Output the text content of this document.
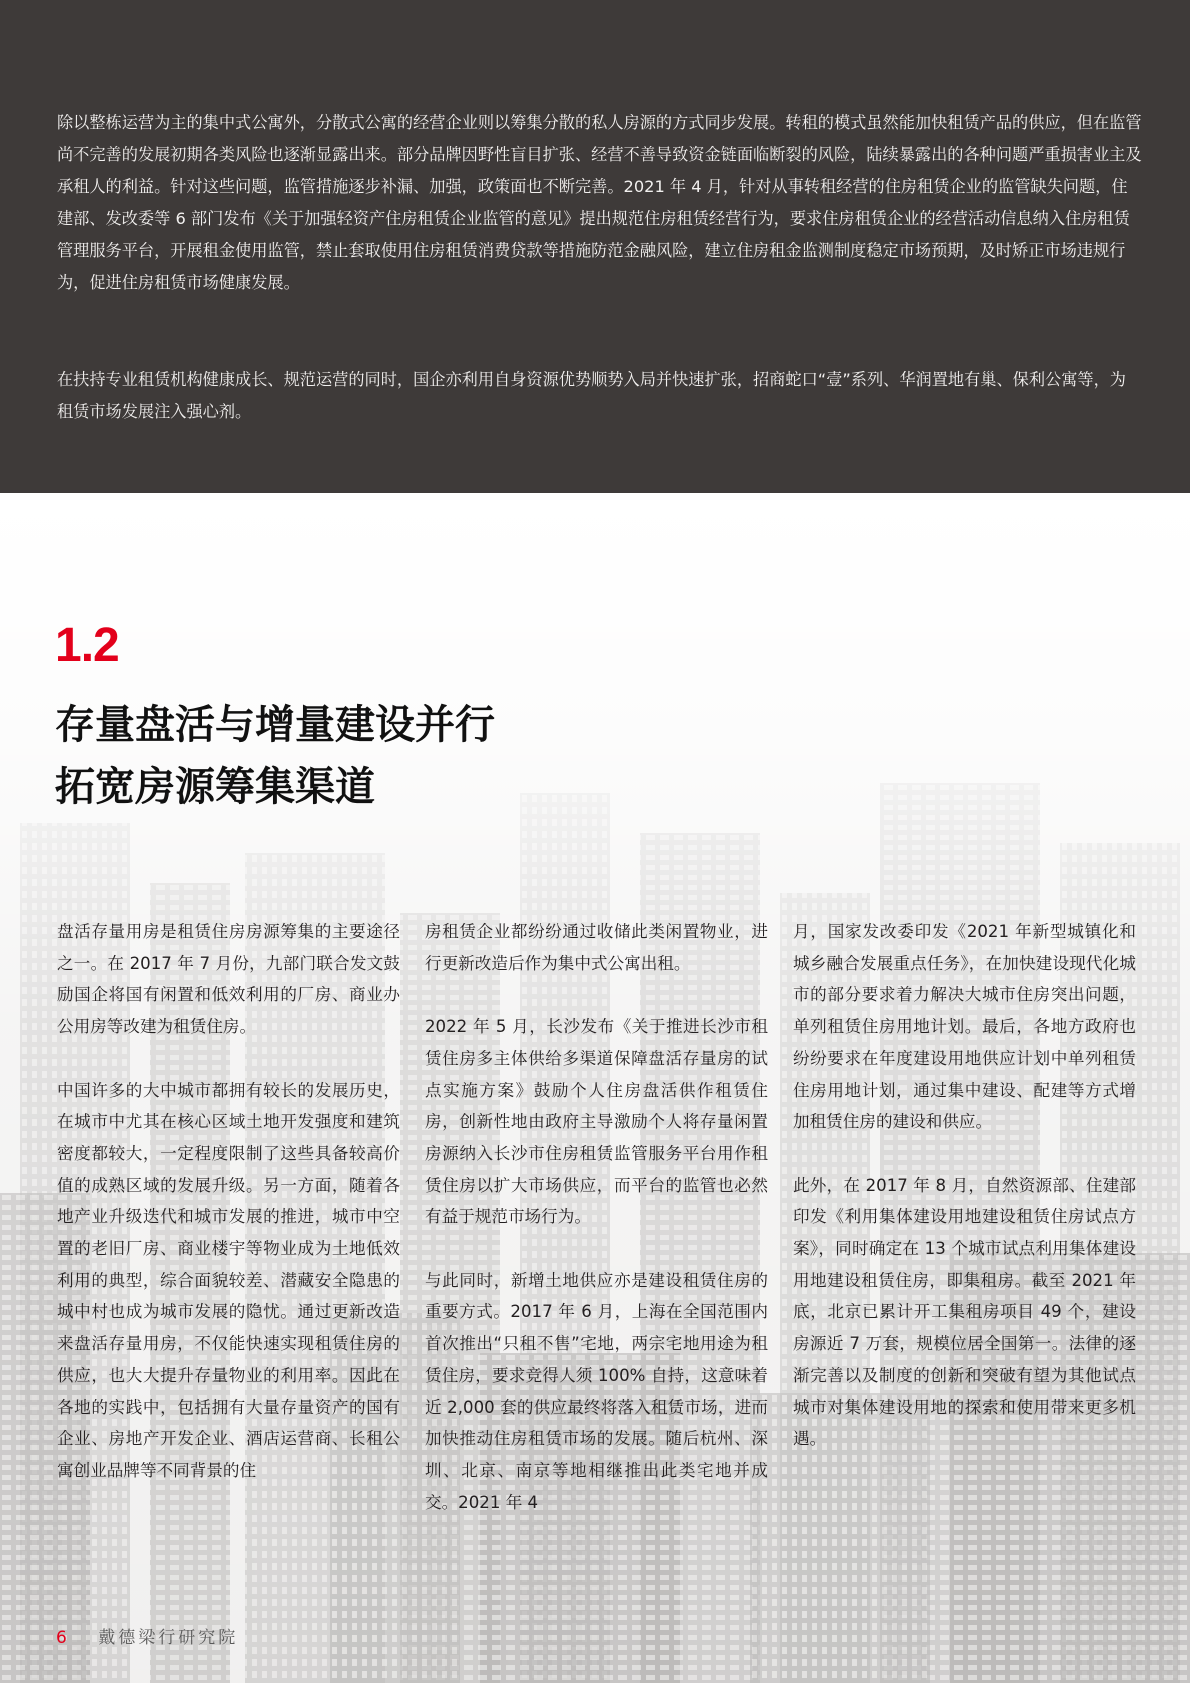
除以整栋运营为主的集中式公寓外，分散式公寓的经营企业则以筹集分散的私人房源的方式同步发展。转租的模式虽然能加快租赁产品的供应，但在监管尚不完善的发展初期各类风险也逐渐显露出来。部分品牌因野性盲目扩张、经营不善导致资金链面临断裂的风险，陆续暴露出的各种问题严重损害业主及承租人的利益。针对这些问题，监管措施逐步补漏、加强，政策面也不断完善。2021 年 4 月，针对从事转租经营的住房租赁企业的监管缺失问题，住建部、发改委等 6 部门发布《关于加强轻资产住房租赁企业监管的意见》提出规范住房租赁经营行为，要求住房租赁企业的经营活动信息纳入住房租赁管理服务平台，开展租金使用监管，禁止套取使用住房租赁消费贷款等措施防范金融风险，建立住房租金监测制度稳定市场预期，及时矫正市场违规行为，促进住房租赁市场健康发展。

在扶持专业租赁机构健康成长、规范运营的同时，国企亦利用自身资源优势顺势入局并快速扩张，招商蛇口“壹”系列、华润置地有巢、保利公寓等，为租赁市场发展注入强心剂。

1.2
存量盘活与增量建设并行
拓宽房源筹集渠道

盘活存量用房是租赁住房房源筹集的主要途径之一。在 2017 年 7 月份，九部门联合发文鼓励国企将国有闲置和低效利用的厂房、商业办公用房等改建为租赁住房。

中国许多的大中城市都拥有较长的发展历史，在城市中尤其在核心区域土地开发强度和建筑密度都较大，一定程度限制了这些具备较高价值的成熟区域的发展升级。另一方面，随着各地产业升级迭代和城市发展的推进，城市中空置的老旧厂房、商业楼宇等物业成为土地低效利用的典型，综合面貌较差、潜藏安全隐患的城中村也成为城市发展的隐忧。通过更新改造来盘活存量用房，不仅能快速实现租赁住房的供应，也大大提升存量物业的利用率。因此在各地的实践中，包括拥有大量存量资产的国有企业、房地产开发企业、酒店运营商、长租公寓创业品牌等不同背景的住

房租赁企业都纷纷通过收储此类闲置物业，进行更新改造后作为集中式公寓出租。

2022 年 5 月，长沙发布《关于推进长沙市租赁住房多主体供给多渠道保障盘活存量房的试点实施方案》鼓励个人住房盘活供作租赁住房，创新性地由政府主导激励个人将存量闲置房源纳入长沙市住房租赁监管服务平台用作租赁住房以扩大市场供应，而平台的监管也必然有益于规范市场行为。

与此同时，新增土地供应亦是建设租赁住房的重要方式。2017 年 6 月，上海在全国范围内首次推出“只租不售”宅地，两宗宅地用途为租赁住房，要求竞得人须 100% 自持，这意味着近 2,000 套的供应最终将落入租赁市场，进而加快推动住房租赁市场的发展。随后杭州、深圳、北京、南京等地相继推出此类宅地并成交。2021 年 4

月，国家发改委印发《2021 年新型城镇化和城乡融合发展重点任务》，在加快建设现代化城市的部分要求着力解决大城市住房突出问题，单列租赁住房用地计划。最后，各地方政府也纷纷要求在年度建设用地供应计划中单列租赁住房用地计划，通过集中建设、配建等方式增加租赁住房的建设和供应。

此外，在 2017 年 8 月，自然资源部、住建部印发《利用集体建设用地建设租赁住房试点方案》，同时确定在 13 个城市试点利用集体建设用地建设租赁住房，即集租房。截至 2021 年底，北京已累计开工集租房项目 49 个，建设房源近 7 万套，规模位居全国第一。法律的逐渐完善以及制度的创新和突破有望为其他试点城市对集体建设用地的探索和使用带来更多机遇。

6 戴德梁行研究院
